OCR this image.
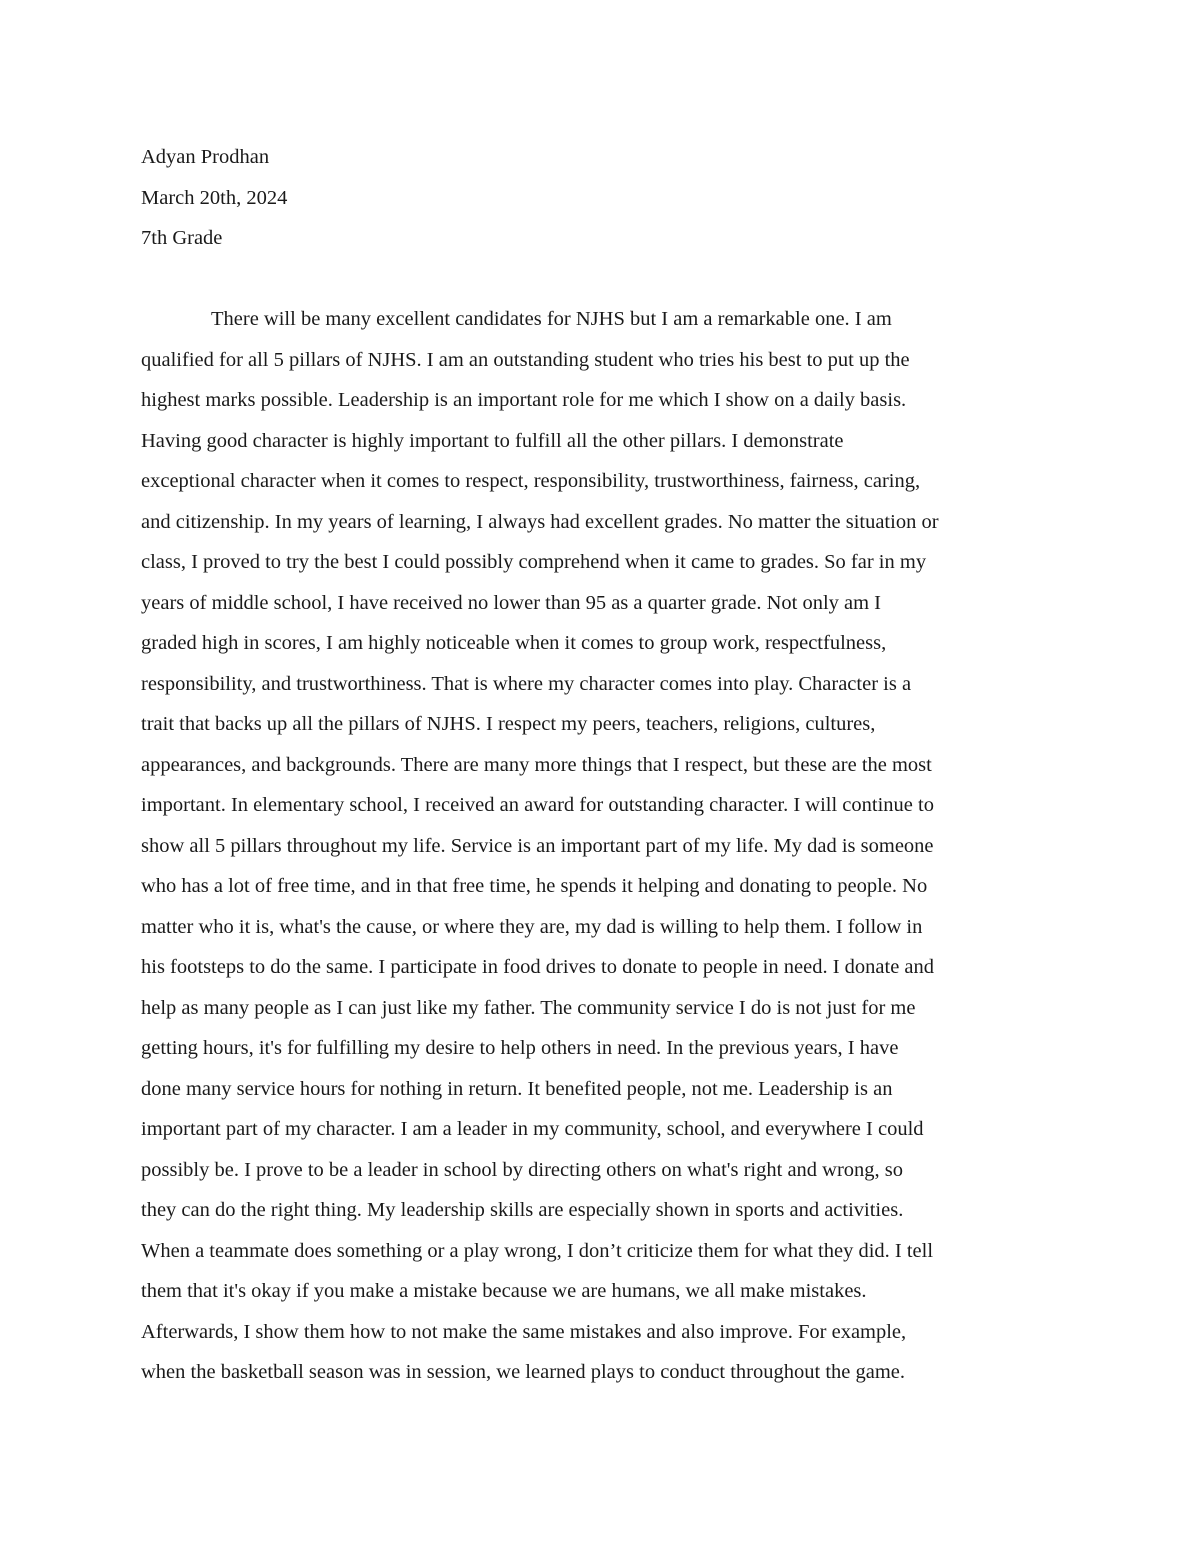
Adyan Prodhan

March 20th, 2024

7th Grade

There will be many excellent candidates for NJHS but I am a remarkable one. I am
qualified for all 5 pillars of NJHS. I am an outstanding student who tries his best to put up the
highest marks possible. Leadership is an important role for me which I show on a daily basis.
Having good character is highly important to fulfill all the other pillars. I demonstrate
exceptional character when it comes to respect, responsibility, trustworthiness, fairness, caring,
and citizenship. In my years of learning, I always had excellent grades. No matter the situation or
class, I proved to try the best I could possibly comprehend when it came to grades. So far in my
years of middle school, I have received no lower than 95 as a quarter grade. Not only am I
graded high in scores, I am highly noticeable when it comes to group work, respectfulness,
responsibility, and trustworthiness. That is where my character comes into play. Character is a
trait that backs up all the pillars of NJHS. I respect my peers, teachers, religions, cultures,
appearances, and backgrounds. There are many more things that I respect, but these are the most
important. In elementary school, I received an award for outstanding character. I will continue to
show all 5 pillars throughout my life. Service is an important part of my life. My dad is someone
who has a lot of free time, and in that free time, he spends it helping and donating to people. No
matter who it is, what's the cause, or where they are, my dad is willing to help them. I follow in
his footsteps to do the same. I participate in food drives to donate to people in need. I donate and
help as many people as I can just like my father. The community service I do is not just for me
getting hours, it's for fulfilling my desire to help others in need. In the previous years, I have
done many service hours for nothing in return. It benefited people, not me. Leadership is an
important part of my character. I am a leader in my community, school, and everywhere I could
possibly be. I prove to be a leader in school by directing others on what's right and wrong, so
they can do the right thing. My leadership skills are especially shown in sports and activities.
When a teammate does something or a play wrong, I don’t criticize them for what they did. I tell
them that it's okay if you make a mistake because we are humans, we all make mistakes.
Afterwards, I show them how to not make the same mistakes and also improve. For example,
when the basketball season was in session, we learned plays to conduct throughout the game.
